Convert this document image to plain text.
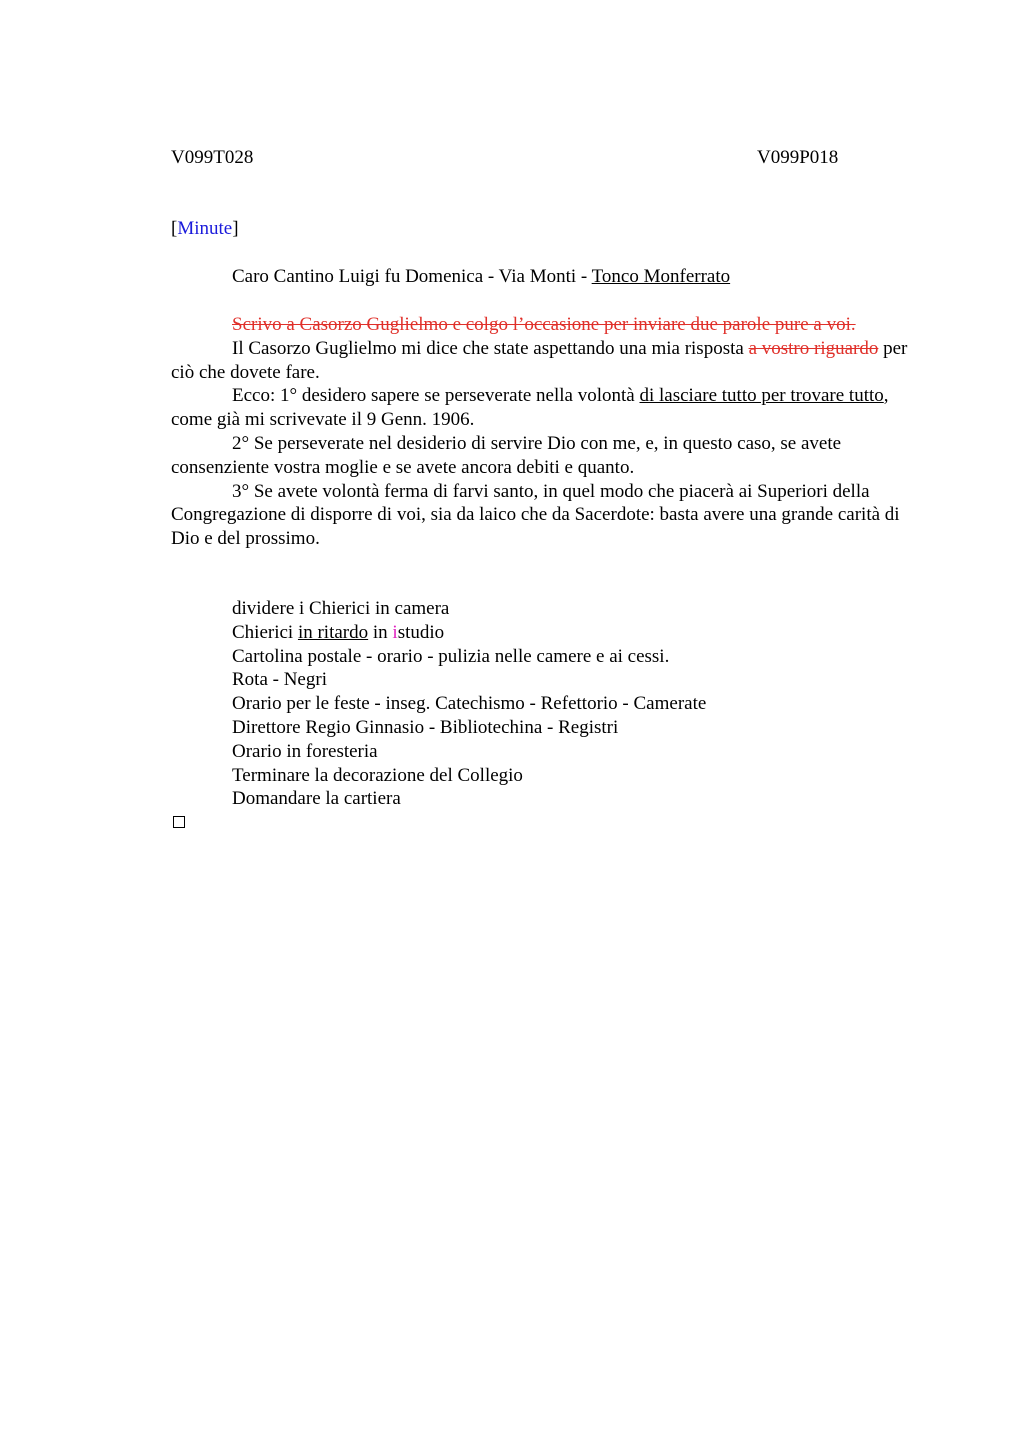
V099T028	V099P018
[Minute]
Caro Cantino Luigi fu Domenica - Via Monti - Tonco Monferrato

Scrivo a Casorzo Guglielmo e colgo l’occasione per inviare due parole pure a voi.

Il Casorzo Guglielmo mi dice che state aspettando una mia risposta a vostro riguardo per ciò che dovete fare.

Ecco: 1° desidero sapere se perseverate nella volontà di lasciare tutto per trovare tutto, come già mi scrivevate il 9 Genn. 1906.

2° Se perseverate nel desiderio di servire Dio con me, e, in questo caso, se avete consenziente vostra moglie e se avete ancora debiti e quanto.

3° Se avete volontà ferma di farvi santo, in quel modo che piacerà ai Superiori della Congregazione di disporre di voi, sia da laico che da Sacerdote: basta avere una grande carità di Dio e del prossimo.

dividere i Chierici in camera
Chierici in ritardo in istudio
Cartolina postale - orario - pulizia nelle camere e ai cessi.
Rota - Negri
Orario per le feste - inseg. Catechismo - Refettorio - Camerate
Direttore Regio Ginnasio - Bibliotechina - Registri
Orario in foresteria
Terminare la decorazione del Collegio
Domandare la cartiera
